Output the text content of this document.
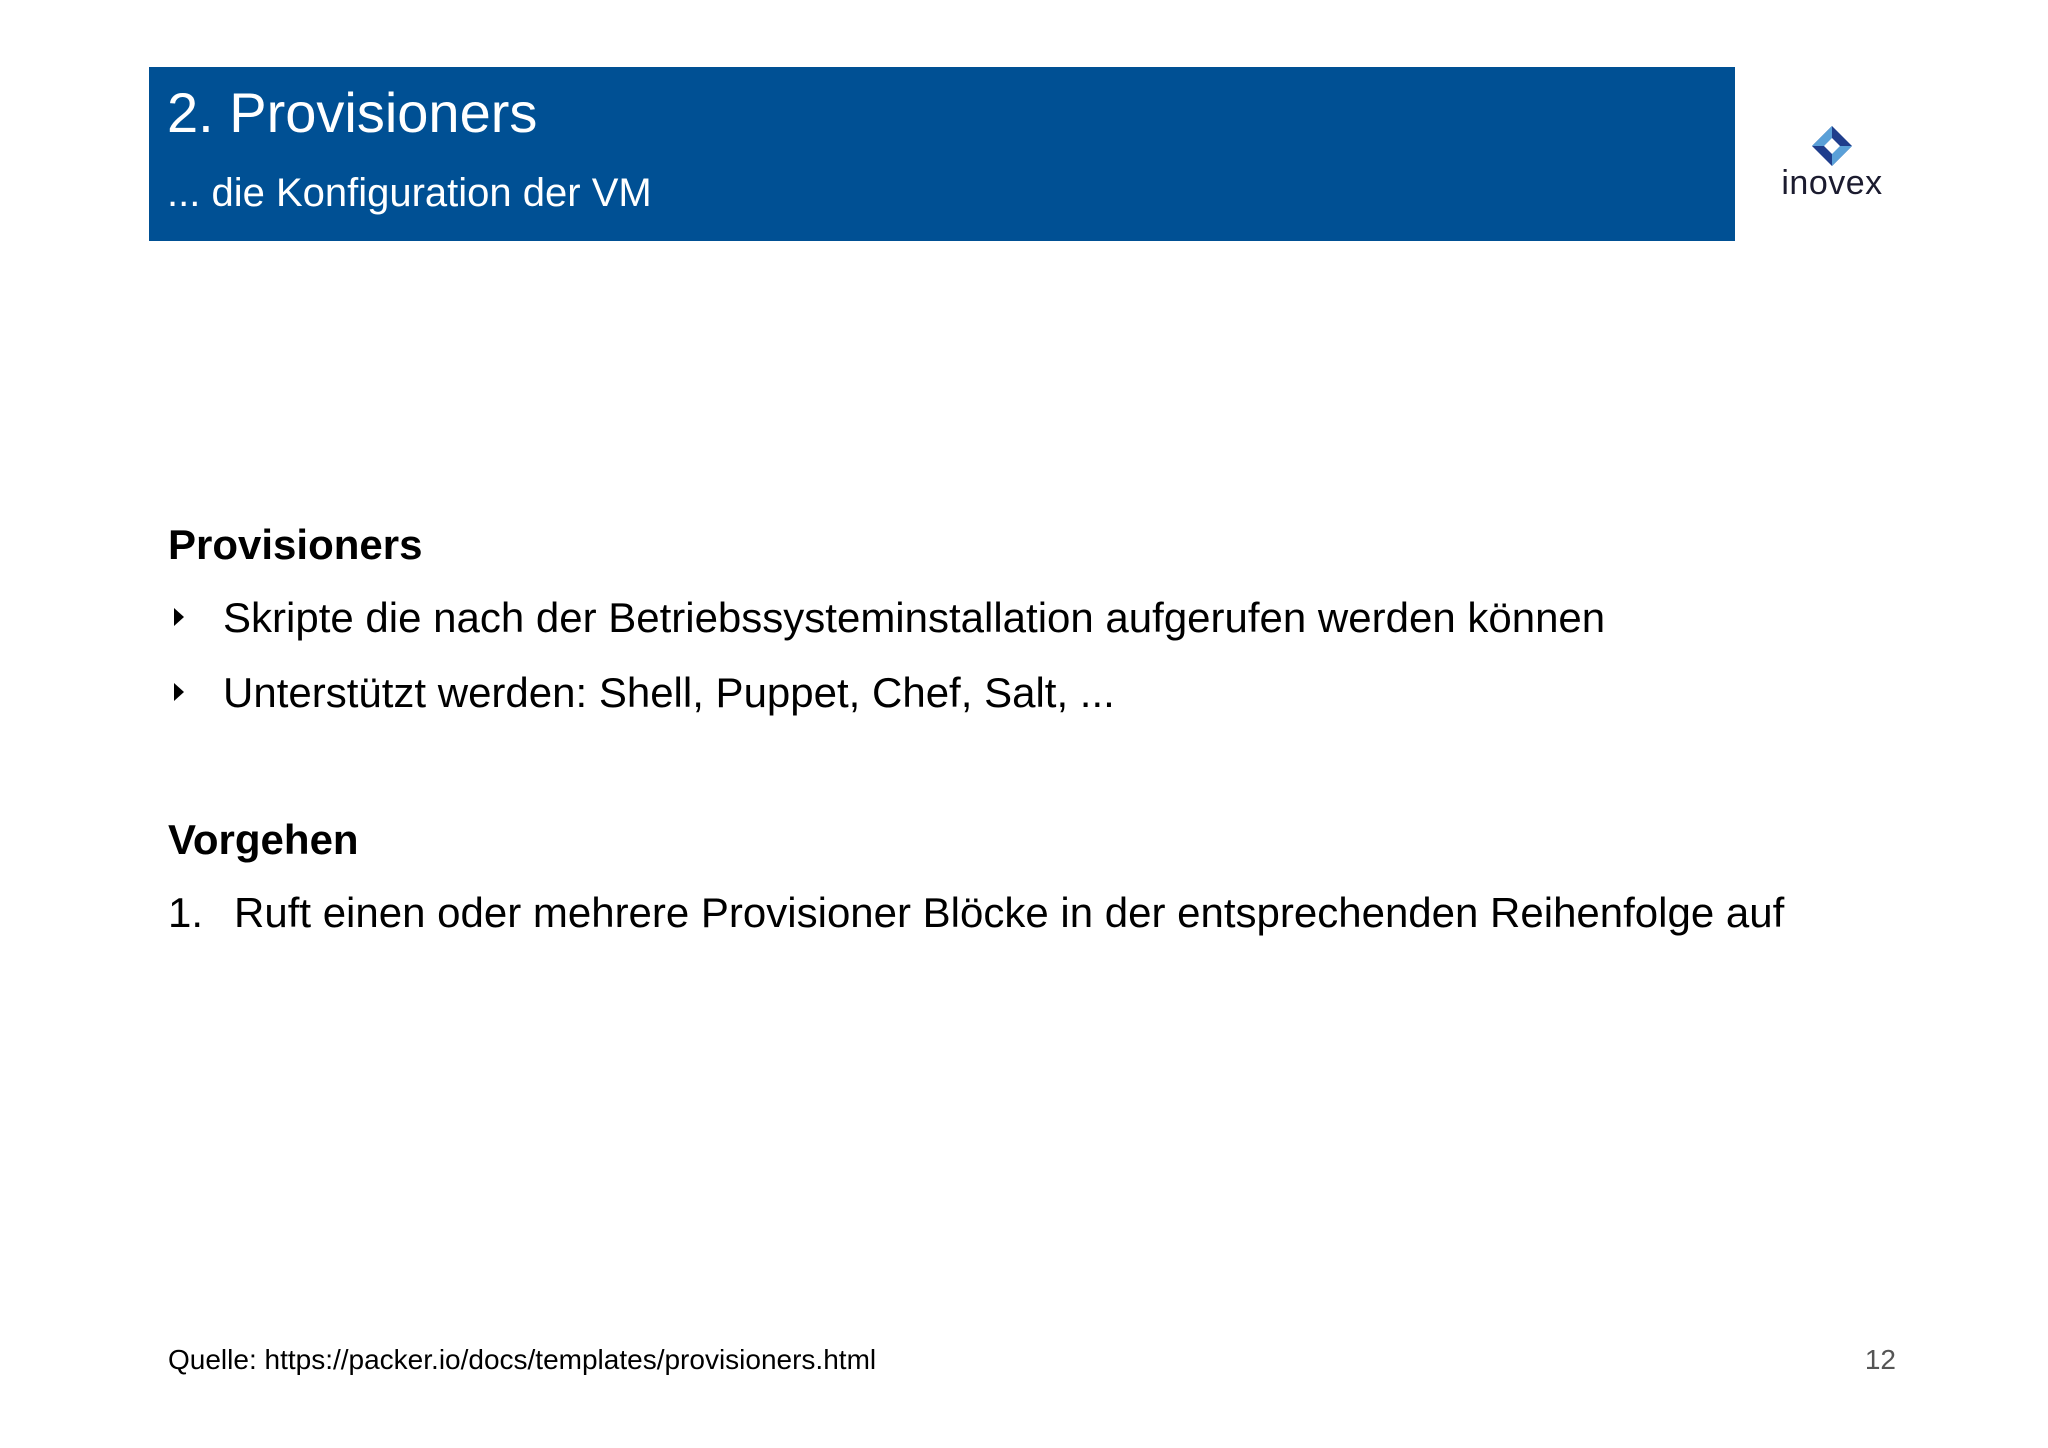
2. Provisioners
... die Konfiguration der VM	inovex
Provisioners
Skripte die nach der Betriebssysteminstallation aufgerufen werden können
Unterstützt werden: Shell, Puppet, Chef, Salt, ...
Vorgehen
1. Ruft einen oder mehrere Provisioner Blöcke in der entsprechenden Reihenfolge auf
Quelle: https://packer.io/docs/templates/provisioners.html	12
